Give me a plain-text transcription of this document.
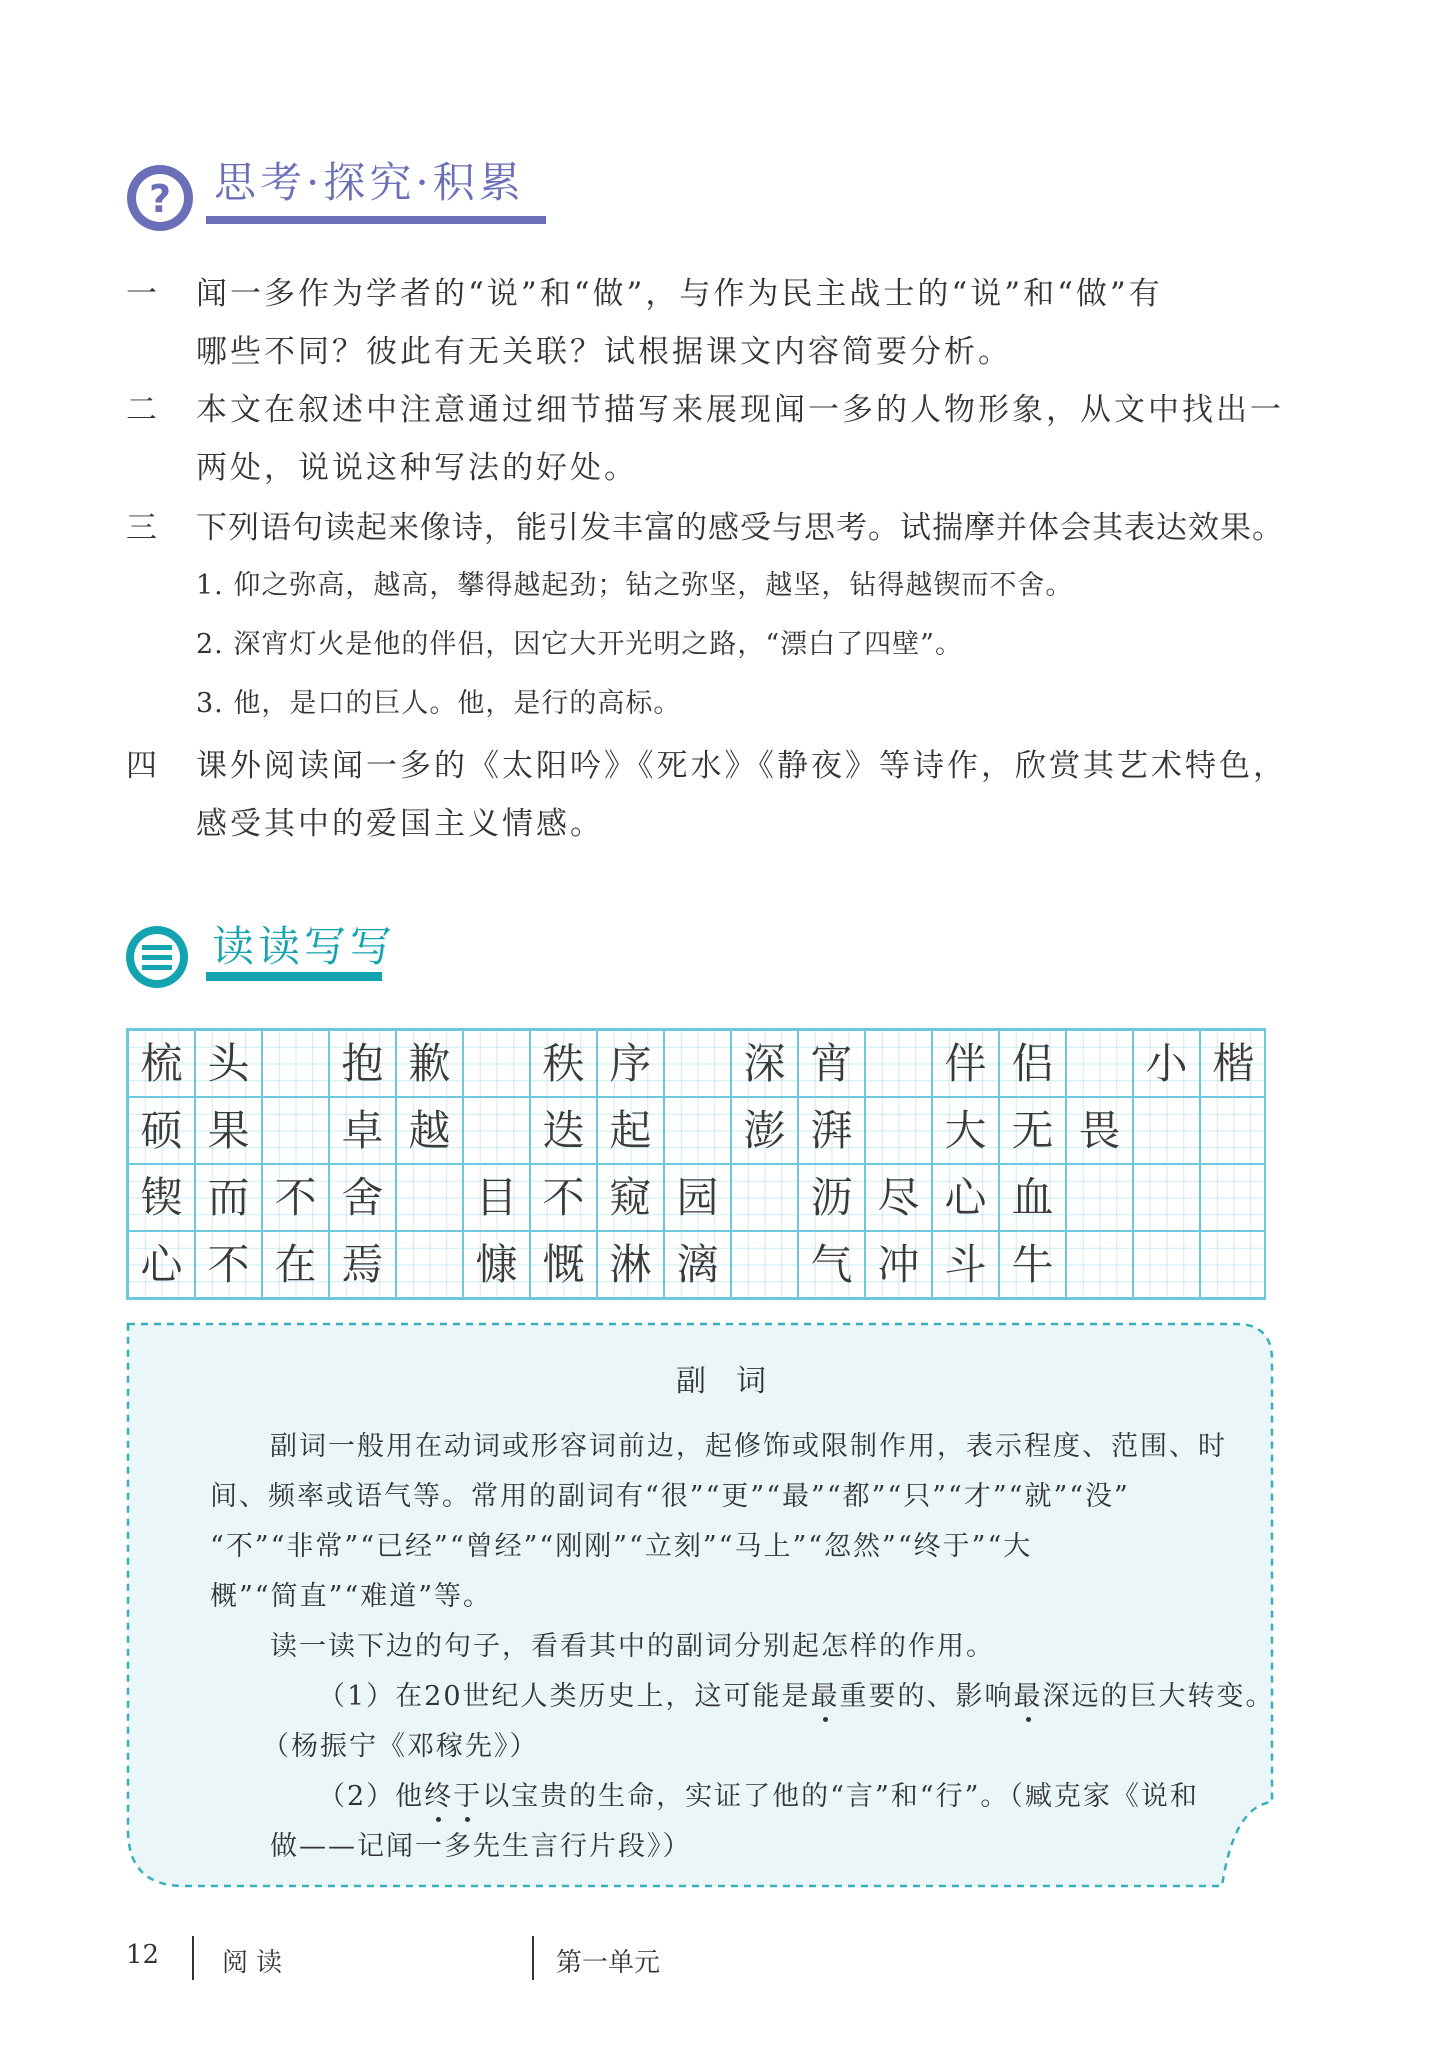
? 思考·探究·积累
一 闻一多作为学者的“说”和“做”，与作为民主战士的“说”和“做”有
哪些不同？彼此有无关联？试根据课文内容简要分析。
二 本文在叙述中注意通过细节描写来展现闻一多的人物形象，从文中找出一
两处，说说这种写法的好处。
三 下列语句读起来像诗，能引发丰富的感受与思考。试揣摩并体会其表达效果。
1. 仰之弥高，越高，攀得越起劲；钻之弥坚，越坚，钻得越锲而不舍。
2. 深宵灯火是他的伴侣，因它大开光明之路，“漂白了四壁”。
3. 他，是口的巨人。他，是行的高标。
四 课外阅读闻一多的《太阳吟》《死水》《静夜》等诗作，欣赏其艺术特色，
感受其中的爱国主义情感。
读读写写
梳 头 抱 歉 秩 序 深 宵 伴 侣 小 楷
硕 果 卓 越 迭 起 澎 湃 大 无 畏
锲 而 不 舍 目 不 窥 园 沥 尽 心 血
心 不 在 焉 慷 慨 淋 漓 气 冲 斗 牛
副词
副词一般用在动词或形容词前边，起修饰或限制作用，表示程度、范围、时
间、频率或语气等。常用的副词有“很”“更”“最”“都”“只”“才”“就”“没”
“不”“非常”“已经”“曾经”“刚刚”“立刻”“马上”“忽然”“终于”“大
概”“简直”“难道”等。
读一读下边的句子，看看其中的副词分别起怎样的作用。
（1）在20世纪人类历史上，这可能是最重要的、影响最深远的巨大转变。
（杨振宁《邓稼先》）
（2）他终于以宝贵的生命，实证了他的“言”和“行”。（臧克家《说和
做——记闻一多先生言行片段》）
12 阅读	第一单元
